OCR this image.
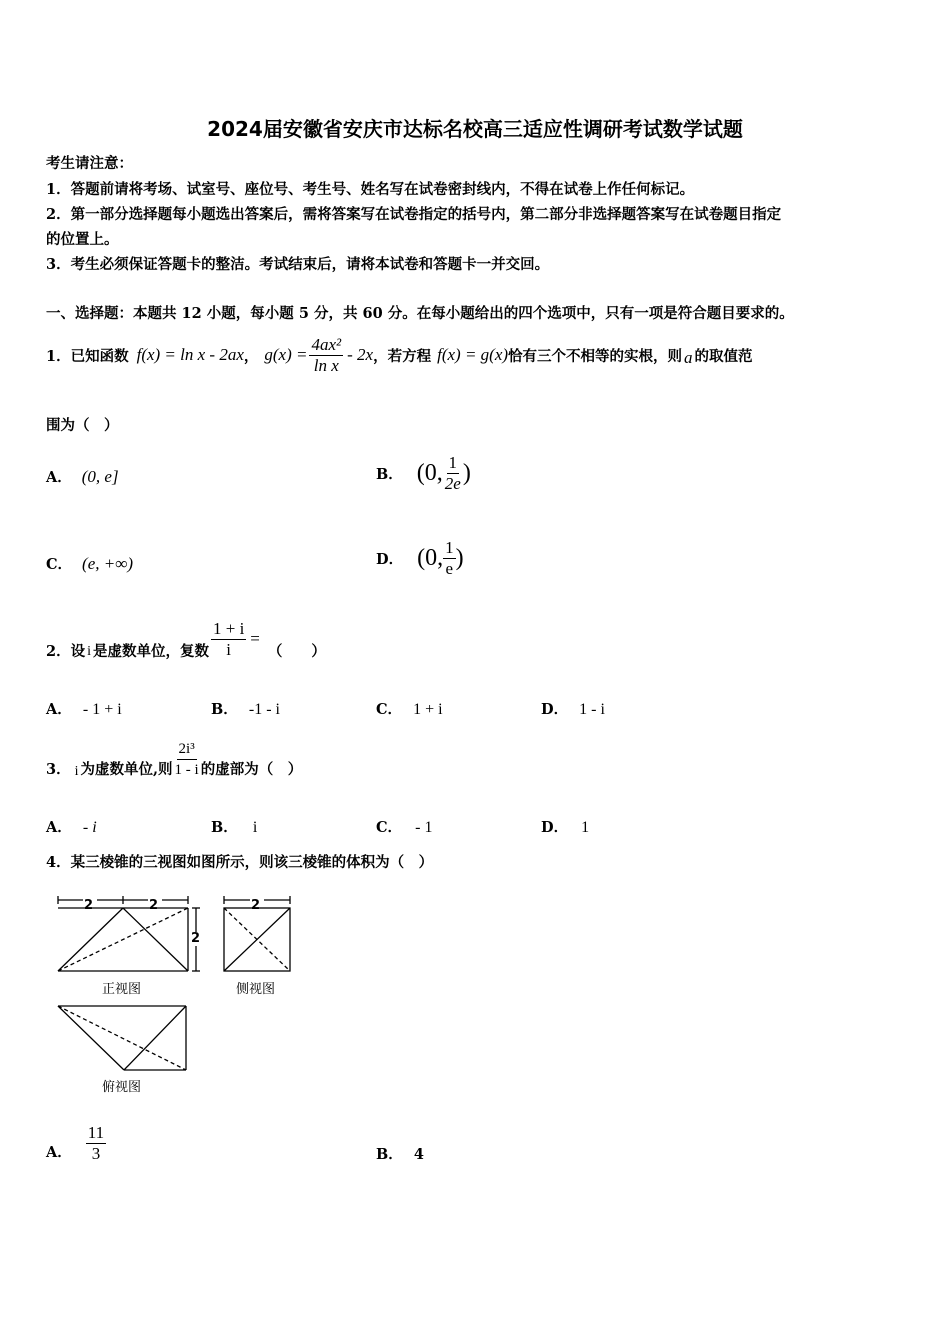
2024届安徽省安庆市达标名校高三适应性调研考试数学试题
考生请注意：
1．答题前请将考场、试室号、座位号、考生号、姓名写在试卷密封线内，不得在试卷上作任何标记。
2．第一部分选择题每小题选出答案后，需将答案写在试卷指定的括号内，第二部分非选择题答案写在试卷题目指定
的位置上。
3．考生必须保证答题卡的整洁。考试结束后，请将本试卷和答题卡一并交回。
一、选择题：本题共 12 小题，每小题 5 分，共 60 分。在每小题给出的四个选项中，只有一项是符合题目要求的。
1．已知函数 f(x) = ln x - 2ax ， $g(x) = \frac{\text{4ax²}}{\text{ln x}} - 2x$ ，若方程 f(x) = g(x) 恰有三个不相等的实根，则 a 的取值范
围为（　）
A． (0, e]	B． (0, $\frac{1}{2e}$ )
C． (e, +∞)	D． (0, $\frac{1}{e}$ )
2．设 i 是虚数单位，复数 $\frac{1 + i}{i}$ =
（　　）
A． - 1 + i	B． -1 - i	C． 1 + i	D． 1 - i
3． i 为虚数单位,则 $\frac{\text{2i³}}{1 - i}$ 的虚部为（　）
A． - i	B． i	C． - 1	D． 1
4．某三棱锥的三视图如图所示，则该三棱锥的体积为（　）
2	2	2
2
正视图	侧视图
俯视图
A． $\frac{11}{3}$	B． 4
